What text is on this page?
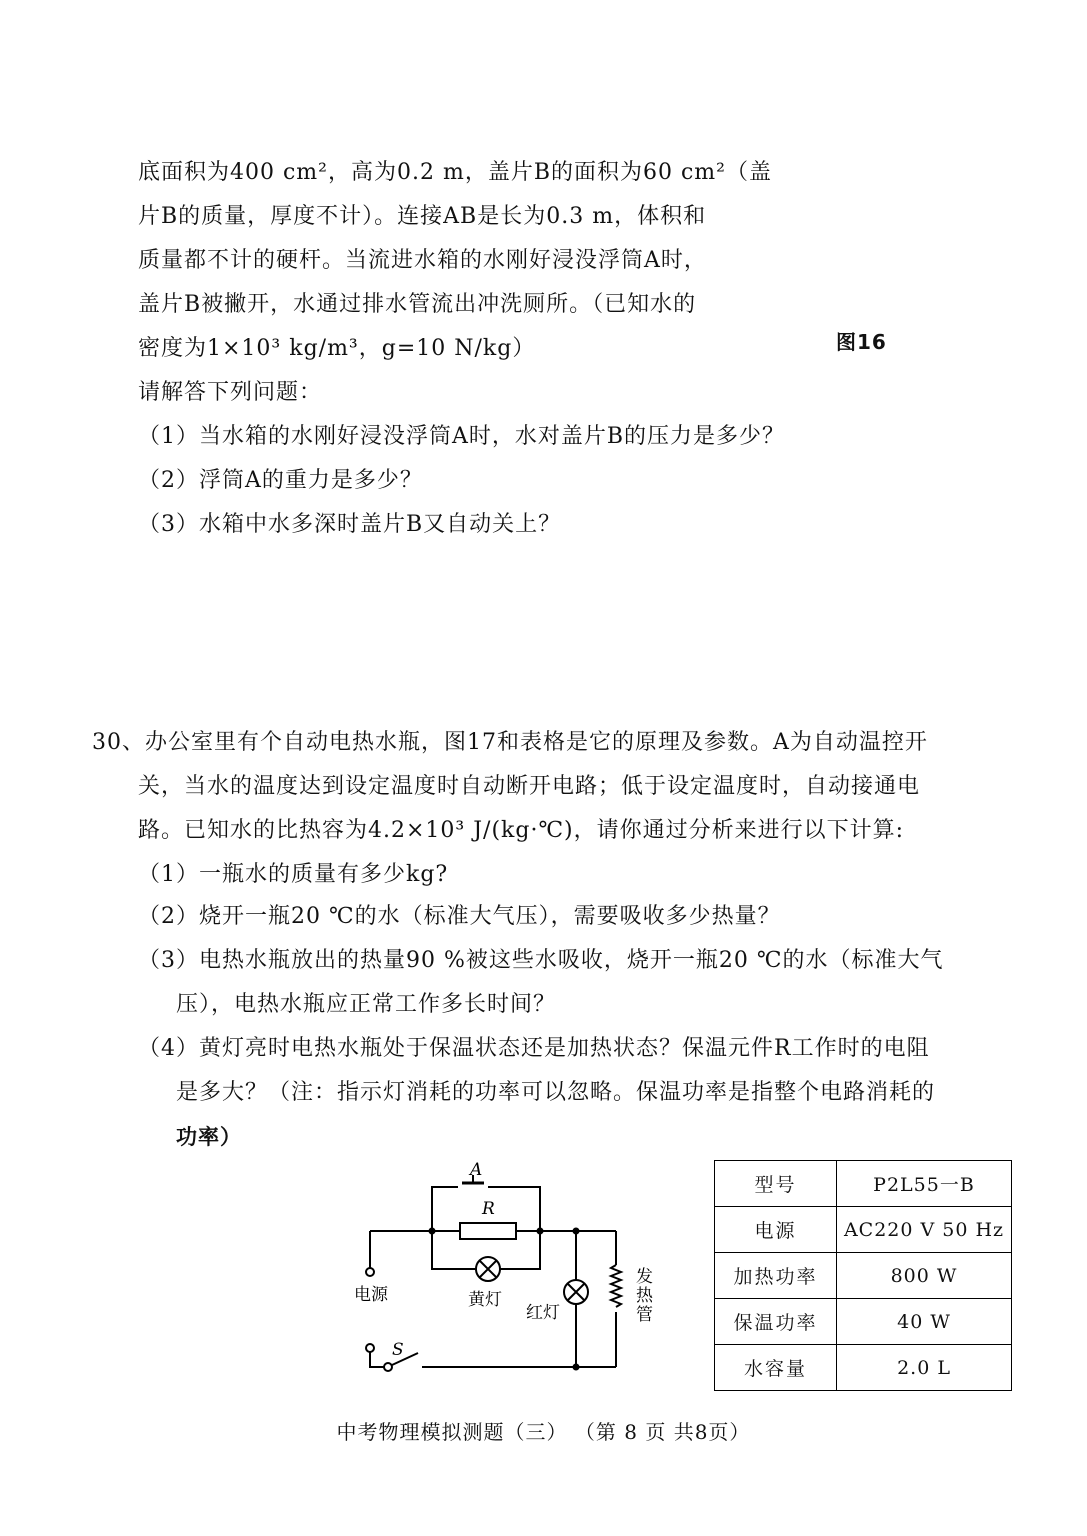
底面积为400 cm²，高为0.2 m，盖片B的面积为60 cm²（盖
片B的质量，厚度不计）。连接AB是长为0.3 m，体积和
质量都不计的硬杆。当流进水箱的水刚好浸没浮筒A时，
盖片B被撇开，水通过排水管流出冲洗厕所。（已知水的
密度为1×10³ kg/m³，g=10 N/kg）	图16
请解答下列问题：
（1）当水箱的水刚好浸没浮筒A时，水对盖片B的压力是多少？
（2）浮筒A的重力是多少？
（3）水箱中水多深时盖片B又自动关上？
30、办公室里有个自动电热水瓶，图17和表格是它的原理及参数。A为自动温控开
关，当水的温度达到设定温度时自动断开电路；低于设定温度时，自动接通电
路。已知水的比热容为4.2×10³ J/(kg·℃)，请你通过分析来进行以下计算:
（1）一瓶水的质量有多少kg?
（2）烧开一瓶20 ℃的水（标准大气压），需要吸收多少热量？
（3）电热水瓶放出的热量90 %被这些水吸收，烧开一瓶20 ℃的水（标准大气
压），电热水瓶应正常工作多长时间？
（4）黄灯亮时电热水瓶处于保温状态还是加热状态？保温元件R工作时的电阻
是多大？（注：指示灯消耗的功率可以忽略。保温功率是指整个电路消耗的
功率）
A
R
电源	黄灯
红灯
S
发热管
型号	P2L55一B
电源	AC220 V 50 Hz
加热功率	800 W
保温功率	40 W
水容量	2.0 L
中考物理模拟测题（三） （第 8 页 共8页）
